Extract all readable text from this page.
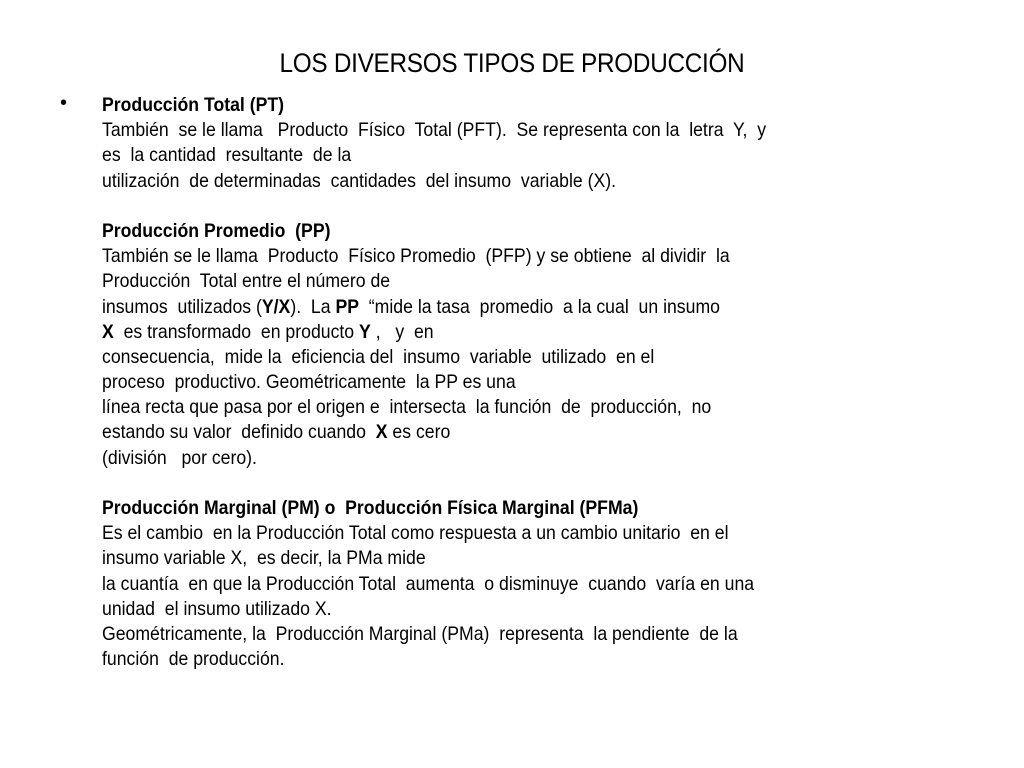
LOS DIVERSOS TIPOS DE PRODUCCIÓN
• Producción Total (PT)
También  se le llama   Producto  Físico  Total (PFT).  Se representa con la  letra  Y,  y
es  la cantidad  resultante  de la
utilización  de determinadas  cantidades  del insumo  variable (X).
Producción Promedio  (PP)
También se le llama  Producto  Físico Promedio  (PFP) y se obtiene  al dividir  la
Producción  Total entre el número de
insumos  utilizados (Y/X).  La PP  “mide la tasa  promedio  a la cual  un insumo
X  es transformado  en producto Y ,   y  en
consecuencia,  mide la  eficiencia del  insumo  variable  utilizado  en el
proceso  productivo. Geométricamente  la PP es una
línea recta que pasa por el origen e  intersecta  la función  de  producción,  no
estando su valor  definido cuando  X es cero
(división   por cero).
Producción Marginal (PM) o  Producción Física Marginal (PFMa)
Es el cambio  en la Producción Total como respuesta a un cambio unitario  en el
insumo variable X,  es decir, la PMa mide
la cuantía  en que la Producción Total  aumenta  o disminuye  cuando  varía en una
unidad  el insumo utilizado X.
Geométricamente, la  Producción Marginal (PMa)  representa  la pendiente  de la
función  de producción.
